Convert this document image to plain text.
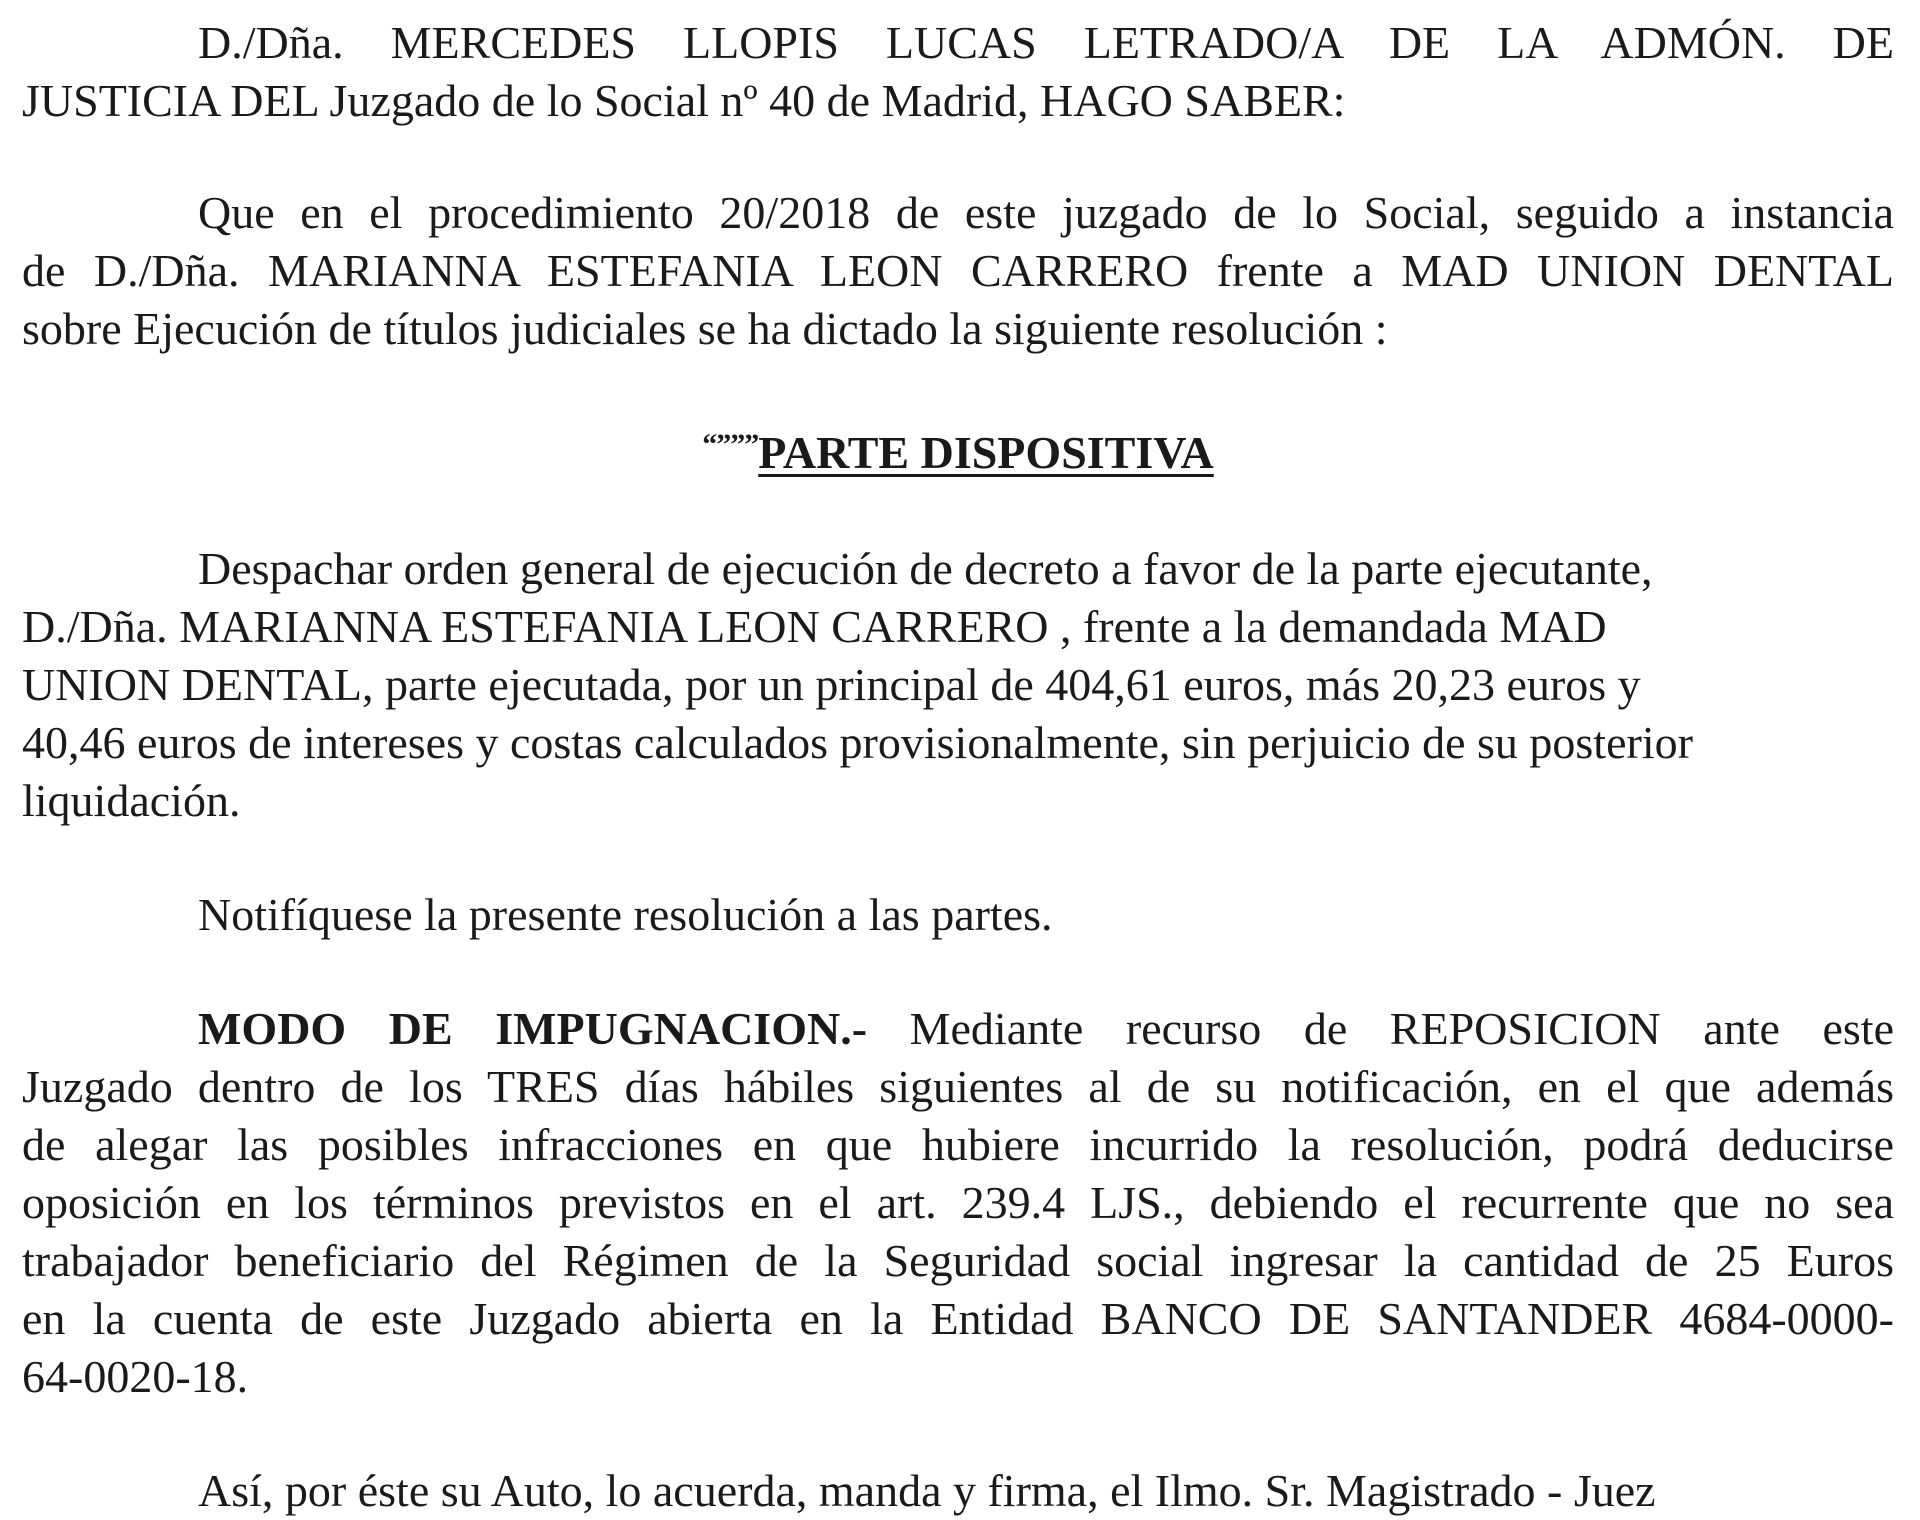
D./Dña. MERCEDES LLOPIS LUCAS LETRADO/A DE LA ADMÓN. DE
JUSTICIA DEL Juzgado de lo Social nº 40 de Madrid, HAGO SABER:
Que en el procedimiento 20/2018 de este juzgado de lo Social, seguido a instancia
de D./Dña. MARIANNA ESTEFANIA LEON CARRERO frente a MAD UNION DENTAL
sobre Ejecución de títulos judiciales se ha dictado la siguiente resolución :
“”””PARTE DISPOSITIVA
Despachar orden general de ejecución de decreto a favor de la parte ejecutante,
D./Dña. MARIANNA ESTEFANIA LEON CARRERO , frente a la demandada MAD
UNION DENTAL, parte ejecutada, por un principal de 404,61 euros, más 20,23 euros y
40,46 euros de intereses y costas calculados provisionalmente, sin perjuicio de su posterior
liquidación.
Notifíquese la presente resolución a las partes.
MODO DE IMPUGNACION.- Mediante recurso de REPOSICION ante este
Juzgado dentro de los TRES días hábiles siguientes al de su notificación, en el que además
de alegar las posibles infracciones en que hubiere incurrido la resolución, podrá deducirse
oposición en los términos previstos en el art. 239.4 LJS., debiendo el recurrente que no sea
trabajador beneficiario del Régimen de la Seguridad social ingresar la cantidad de 25 Euros
en la cuenta de este Juzgado abierta en la Entidad BANCO DE SANTANDER 4684-0000-
64-0020-18.
Así, por éste su Auto, lo acuerda, manda y firma, el Ilmo. Sr. Magistrado - Juez
